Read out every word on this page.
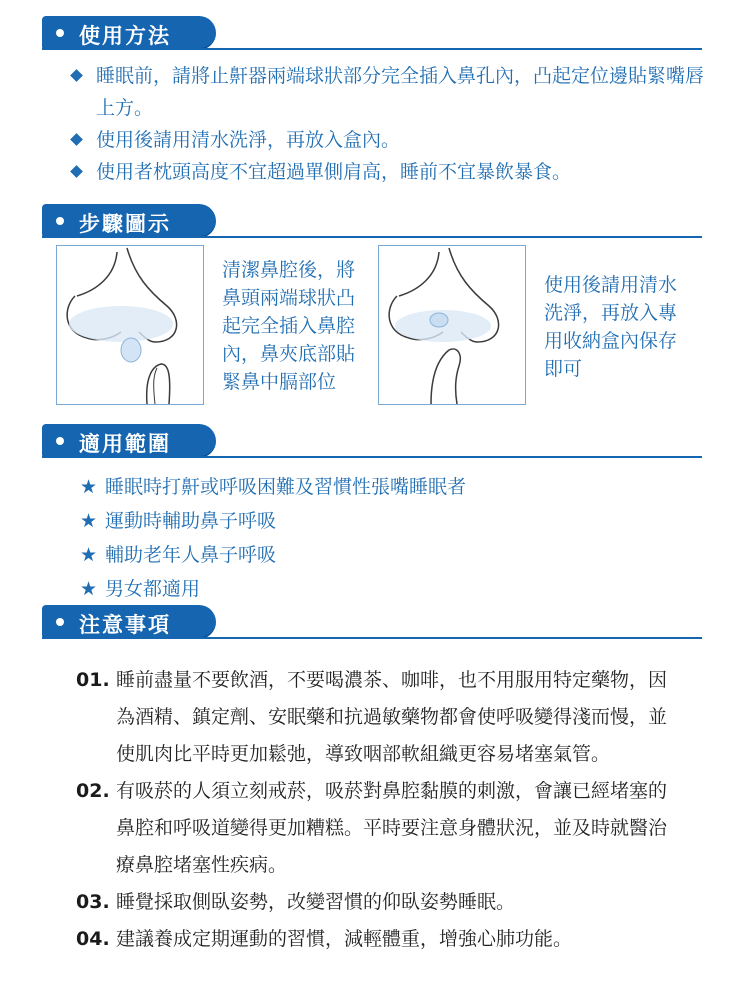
使用方法
睡眠前，請將止鼾器兩端球狀部分完全插入鼻孔內，凸起定位邊貼緊嘴唇上方。
使用後請用清水洗淨，再放入盒內。
使用者枕頭高度不宜超過單側肩高，睡前不宜暴飲暴食。
步驟圖示
清潔鼻腔後，將鼻頭兩端球狀凸起完全插入鼻腔內，鼻夾底部貼緊鼻中膈部位
使用後請用清水洗淨，再放入專用收納盒內保存即可
適用範圍
★ 睡眠時打鼾或呼吸困難及習慣性張嘴睡眠者
★ 運動時輔助鼻子呼吸
★ 輔助老年人鼻子呼吸
★ 男女都適用
注意事項
01. 睡前盡量不要飲酒，不要喝濃茶、咖啡，也不用服用特定藥物，因為酒精、鎮定劑、安眠藥和抗過敏藥物都會使呼吸變得淺而慢，並使肌肉比平時更加鬆弛，導致咽部軟組織更容易堵塞氣管。
02. 有吸菸的人須立刻戒菸，吸菸對鼻腔黏膜的刺激，會讓已經堵塞的鼻腔和呼吸道變得更加糟糕。平時要注意身體狀況，並及時就醫治療鼻腔堵塞性疾病。
03. 睡覺採取側臥姿勢，改變習慣的仰臥姿勢睡眠。
04. 建議養成定期運動的習慣，減輕體重，增強心肺功能。
